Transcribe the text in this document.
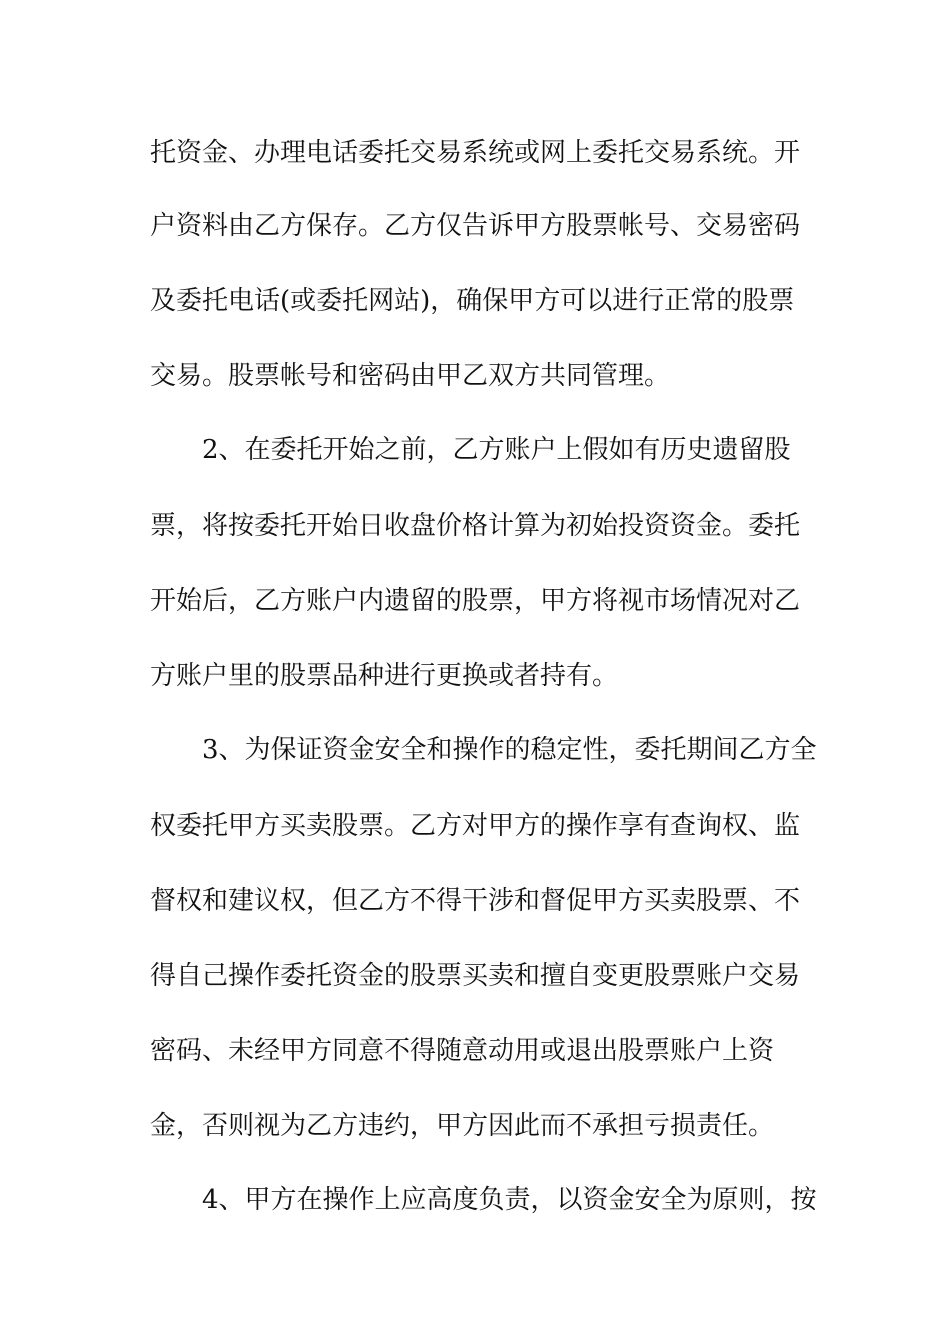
托资金、办理电话委托交易系统或网上委托交易系统。开
户资料由乙方保存。乙方仅告诉甲方股票帐号、交易密码
及委托电话(或委托网站)，确保甲方可以进行正常的股票
交易。股票帐号和密码由甲乙双方共同管理。
2、在委托开始之前，乙方账户上假如有历史遗留股
票，将按委托开始日收盘价格计算为初始投资资金。委托
开始后，乙方账户内遗留的股票，甲方将视市场情况对乙
方账户里的股票品种进行更换或者持有。
3、为保证资金安全和操作的稳定性，委托期间乙方全
权委托甲方买卖股票。乙方对甲方的操作享有查询权、监
督权和建议权，但乙方不得干涉和督促甲方买卖股票、不
得自己操作委托资金的股票买卖和擅自变更股票账户交易
密码、未经甲方同意不得随意动用或退出股票账户上资
金，否则视为乙方违约，甲方因此而不承担亏损责任。
4、甲方在操作上应高度负责，以资金安全为原则，按
